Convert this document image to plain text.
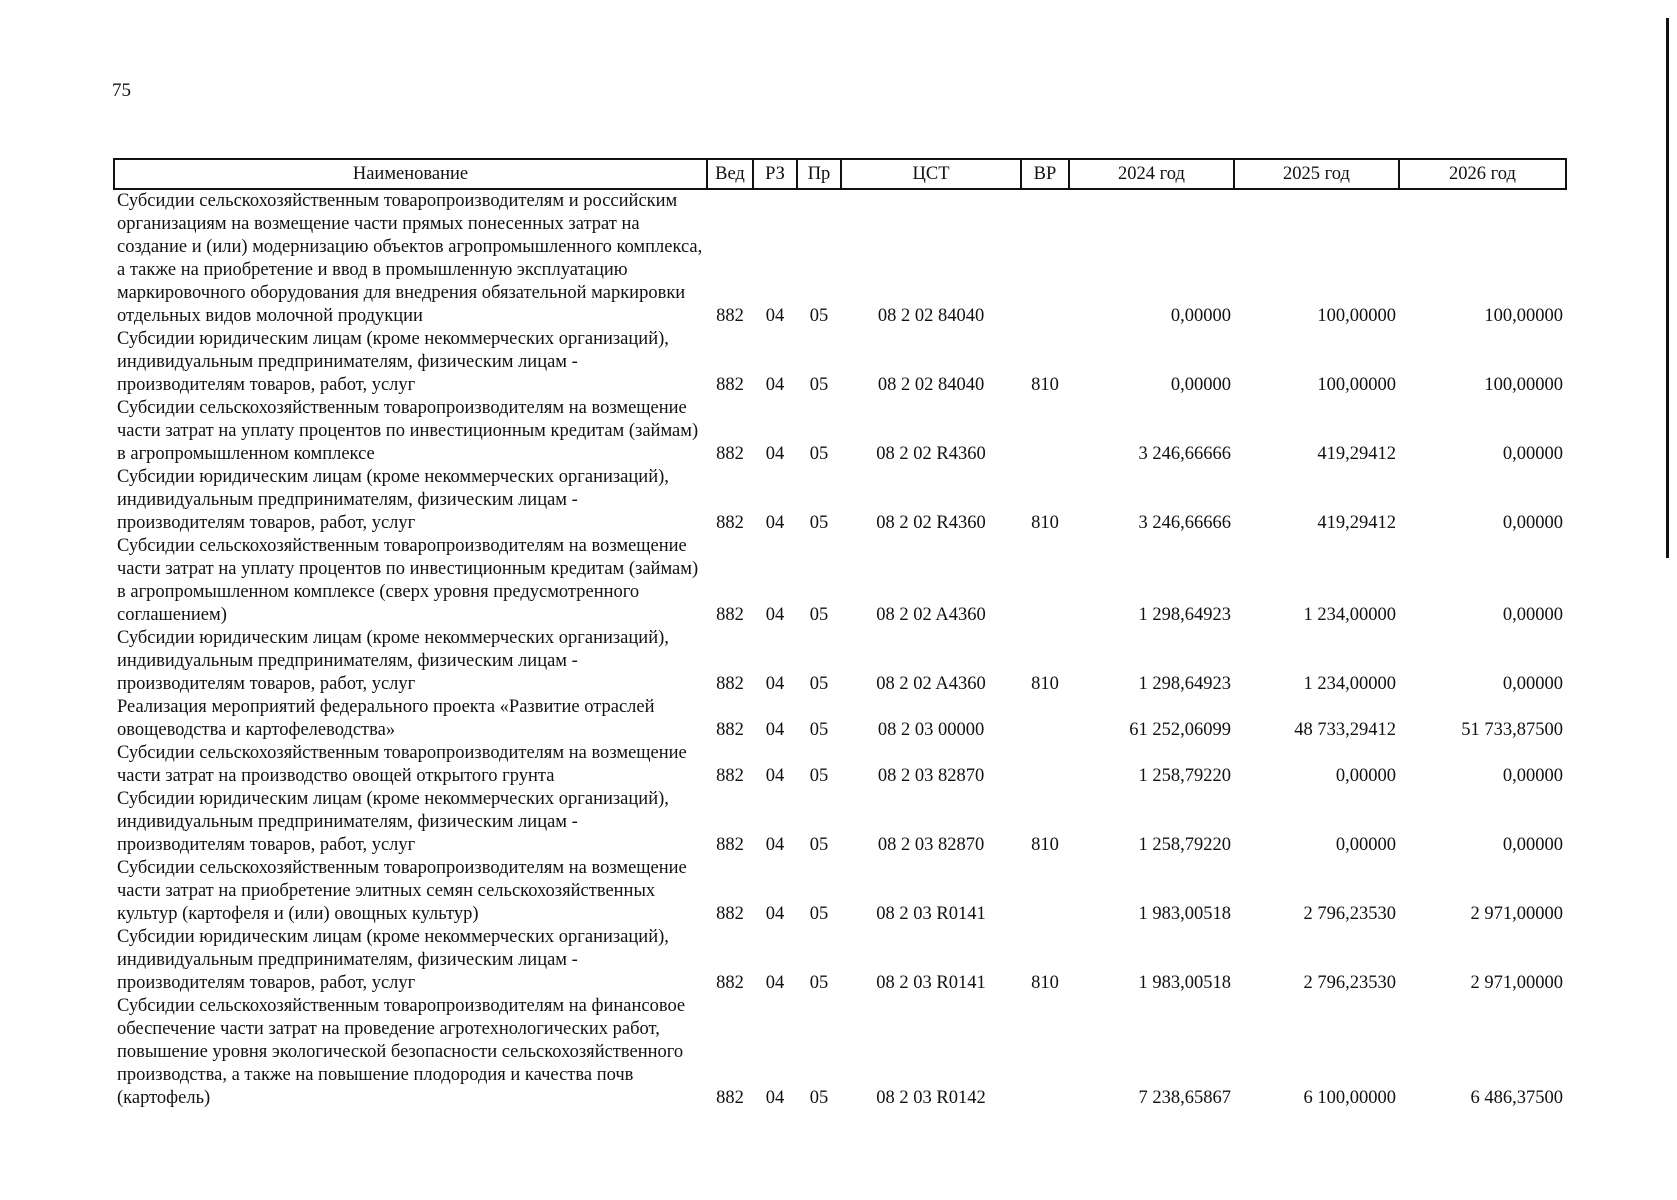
75
Наименование	Вед	РЗ	Пр	ЦСТ	ВР	2024 год	2025 год	2026 год
Субсидии сельскохозяйственным товаропроизводителям и российским организациям на возмещение части прямых понесенных затрат на создание и (или) модернизацию объектов агропромышленного комплекса, а также на приобретение и ввод в промышленную эксплуатацию маркировочного оборудования для внедрения обязательной маркировки отдельных видов молочной продукции	882	04	05	08 2 02 84040		0,00000	100,00000	100,00000
Субсидии юридическим лицам (кроме некоммерческих организаций), индивидуальным предпринимателям, физическим лицам - производителям товаров, работ, услуг	882	04	05	08 2 02 84040	810	0,00000	100,00000	100,00000
Субсидии сельскохозяйственным товаропроизводителям на возмещение части затрат на уплату процентов по инвестиционным кредитам (займам) в агропромышленном комплексе	882	04	05	08 2 02 R4360		3 246,66666	419,29412	0,00000
Субсидии юридическим лицам (кроме некоммерческих организаций), индивидуальным предпринимателям, физическим лицам - производителям товаров, работ, услуг	882	04	05	08 2 02 R4360	810	3 246,66666	419,29412	0,00000
Субсидии сельскохозяйственным товаропроизводителям на возмещение части затрат на уплату процентов по инвестиционным кредитам (займам) в агропромышленном комплексе (сверх уровня предусмотренного соглашением)	882	04	05	08 2 02 A4360		1 298,64923	1 234,00000	0,00000
Субсидии юридическим лицам (кроме некоммерческих организаций), индивидуальным предпринимателям, физическим лицам - производителям товаров, работ, услуг	882	04	05	08 2 02 A4360	810	1 298,64923	1 234,00000	0,00000
Реализация мероприятий федерального проекта «Развитие отраслей овощеводства и картофелеводства»	882	04	05	08 2 03 00000		61 252,06099	48 733,29412	51 733,87500
Субсидии сельскохозяйственным товаропроизводителям на возмещение части затрат на производство овощей открытого грунта	882	04	05	08 2 03 82870		1 258,79220	0,00000	0,00000
Субсидии юридическим лицам (кроме некоммерческих организаций), индивидуальным предпринимателям, физическим лицам - производителям товаров, работ, услуг	882	04	05	08 2 03 82870	810	1 258,79220	0,00000	0,00000
Субсидии сельскохозяйственным товаропроизводителям на возмещение части затрат на приобретение элитных семян сельскохозяйственных культур (картофеля и (или) овощных культур)	882	04	05	08 2 03 R0141		1 983,00518	2 796,23530	2 971,00000
Субсидии юридическим лицам (кроме некоммерческих организаций), индивидуальным предпринимателям, физическим лицам - производителям товаров, работ, услуг	882	04	05	08 2 03 R0141	810	1 983,00518	2 796,23530	2 971,00000
Субсидии сельскохозяйственным товаропроизводителям на финансовое обеспечение части затрат на проведение агротехнологических работ, повышение уровня экологической безопасности сельскохозяйственного производства, а также на повышение плодородия и качества почв (картофель)	882	04	05	08 2 03 R0142		7 238,65867	6 100,00000	6 486,37500
